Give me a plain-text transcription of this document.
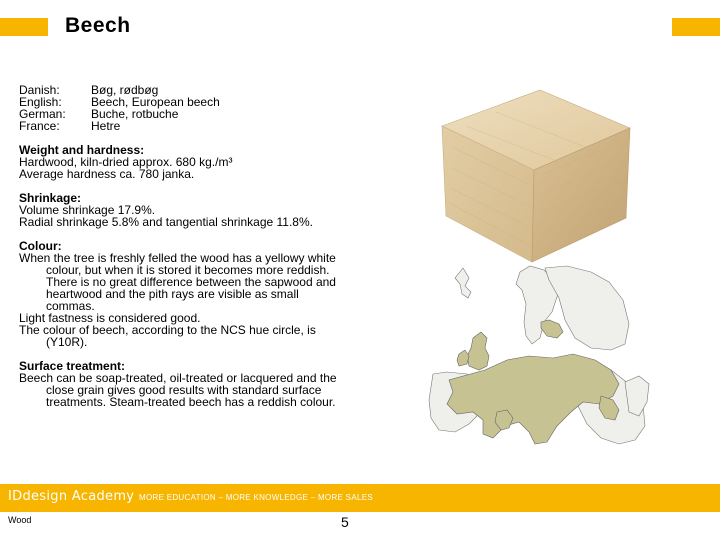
Beech
Danish:	Bøg, rødbøg
English:	Beech, European beech
German:	Buche, rotbuche
France:	Hetre
Weight and hardness:
Hardwood, kiln-dried approx. 680 kg./m³
Average hardness ca. 780 janka.
Shrinkage:
Volume shrinkage 17.9%.
Radial shrinkage 5.8% and tangential shrinkage 11.8%.
Colour:
When the tree is freshly felled the wood has a yellowy white
colour, but when it is stored it becomes more reddish.
There is no great difference between the sapwood and
heartwood and the pith rays are visible as small
commas.
Light fastness is considered good.
The colour of beech, according to the NCS hue circle, is
(Y10R).
Surface treatment:
Beech can be soap-treated, oil-treated or lacquered and the
close grain gives good results with standard surface
treatments. Steam-treated beech has a reddish colour.
IDdesign Academy MORE EDUCATION – MORE KNOWLEDGE – MORE SALES
Wood	5
